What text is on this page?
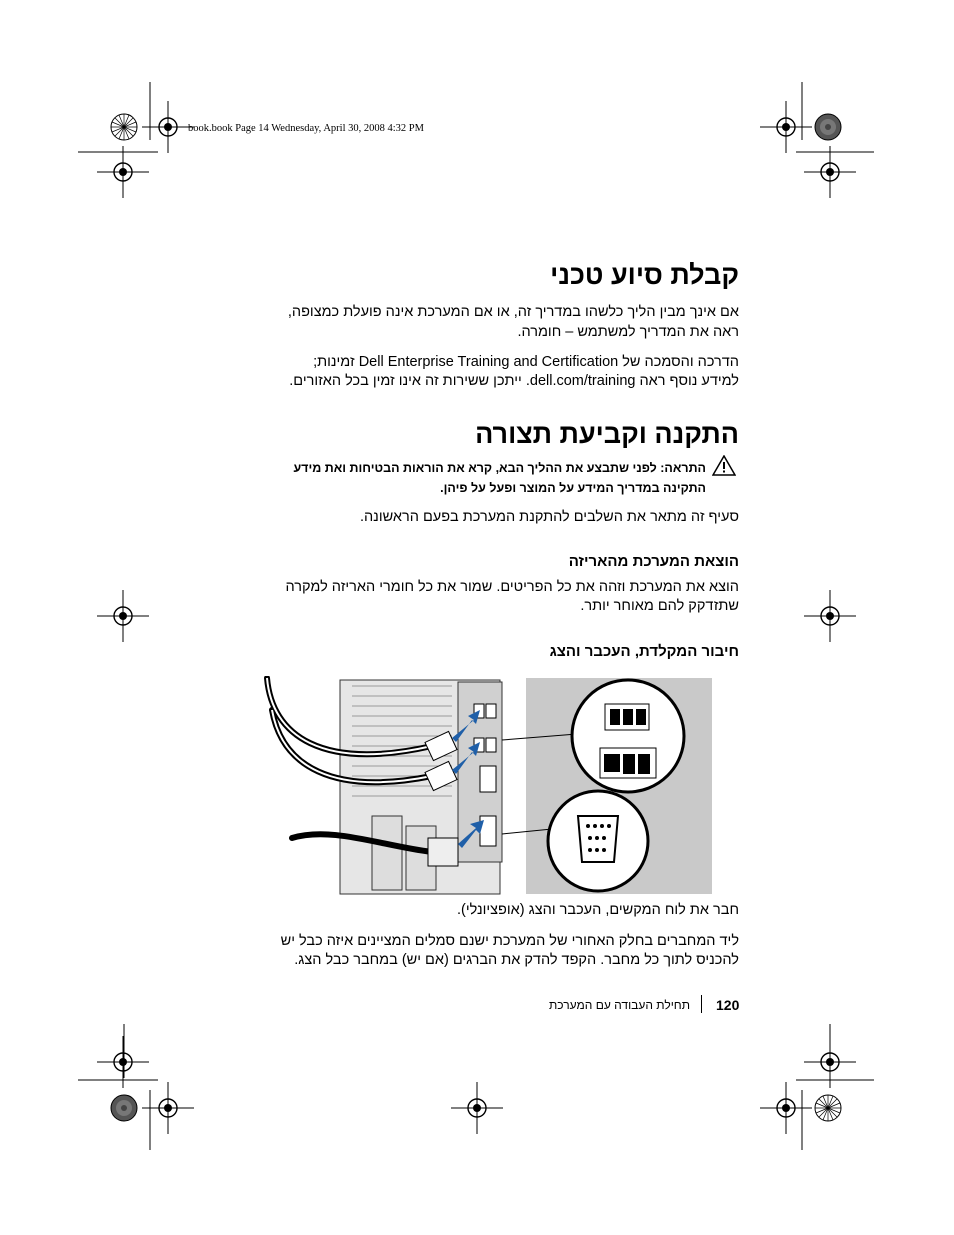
book.book Page 14 Wednesday, April 30, 2008 4:32 PM
קבלת סיוע טכני

אם אינך מבין הליך כלשהו במדריך זה, או אם המערכת אינה פועלת כמצופה,

ראה את המדריך למשתמש – חומרה.

הדרכה והסמכה של Dell Enterprise Training and Certification זמינות;

למידע נוסף ראה dell.com/training. ייתכן ששירות זה אינו זמין בכל האזורים.

התקנה וקביעת תצורה

התראה: לפני שתבצע את ההליך הבא, קרא את הוראות הבטיחות ואת מידע

התקינה במדריך המידע על המוצר ופעל על פיהן.

סעיף זה מתאר את השלבים להתקנת המערכת בפעם הראשונה.

הוצאת המערכת מהאריזה

הוצא את המערכת וזהה את כל הפריטים. שמור את כל חומרי האריזה למקרה

שתזדקק להם מאוחר יותר.

חיבור המקלדת, העכבר והצג

חבר את לוח המקשים, העכבר והצג (אופציונלי).

ליד המחברים בחלק האחורי של המערכת ישנם סמלים המציינים איזה כבל יש

להכניס לתוך כל מחבר. הקפד להדק את הברגים (אם יש) במחבר כבל הצג.

120
תחילת העבודה עם המערכת
